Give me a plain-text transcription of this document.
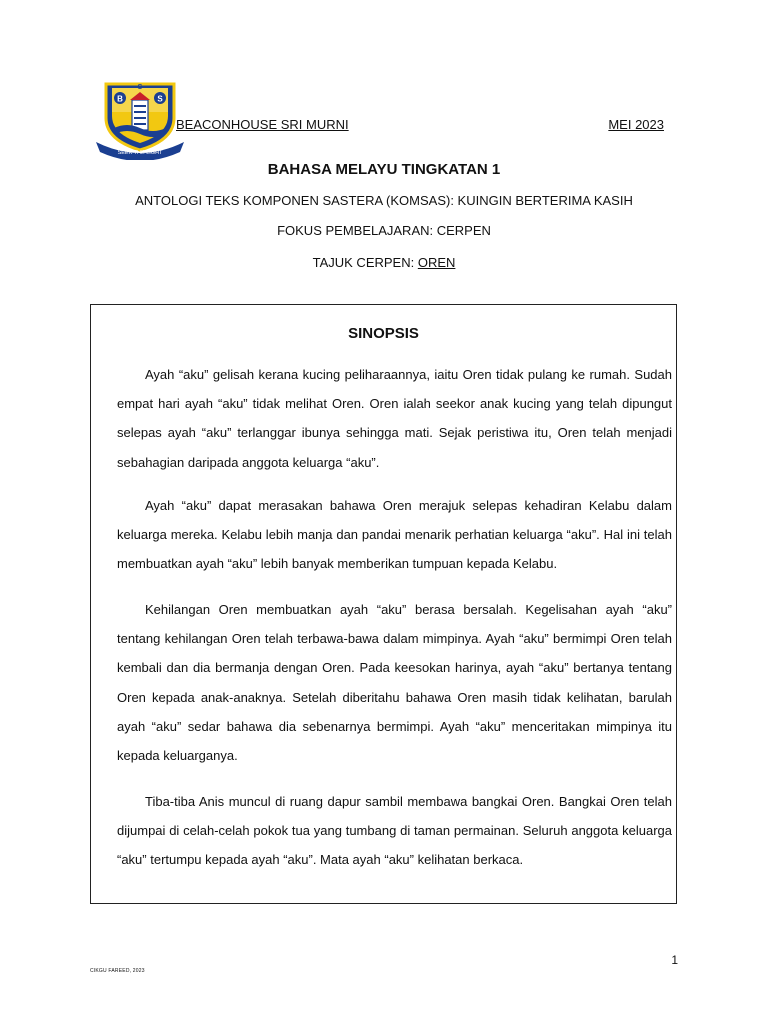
B
S
S
SEEK THE LIGHT
BEACONHOUSE SRI MURNI	MEI 2023
BAHASA MELAYU TINGKATAN 1
ANTOLOGI TEKS KOMPONEN SASTERA (KOMSAS): KUINGIN BERTERIMA KASIH
FOKUS PEMBELAJARAN: CERPEN
TAJUK CERPEN: OREN
SINOPSIS

Ayah “aku” gelisah kerana kucing peliharaannya, iaitu Oren tidak pulang ke rumah. Sudah empat hari ayah “aku” tidak melihat Oren. Oren ialah seekor anak kucing yang telah dipungut selepas ayah “aku” terlanggar ibunya sehingga mati. Sejak peristiwa itu, Oren telah menjadi sebahagian daripada anggota keluarga “aku”.

Ayah “aku” dapat merasakan bahawa Oren merajuk selepas kehadiran Kelabu dalam keluarga mereka. Kelabu lebih manja dan pandai menarik perhatian keluarga “aku”. Hal ini telah membuatkan ayah “aku” lebih banyak memberikan tumpuan kepada Kelabu.

Kehilangan Oren membuatkan ayah “aku” berasa bersalah. Kegelisahan ayah “aku” tentang kehilangan Oren telah terbawa-bawa dalam mimpinya. Ayah “aku” bermimpi Oren telah kembali dan dia bermanja dengan Oren. Pada keesokan harinya, ayah “aku” bertanya tentang Oren kepada anak-anaknya. Setelah diberitahu bahawa Oren masih tidak kelihatan, barulah ayah “aku” sedar bahawa dia sebenarnya bermimpi. Ayah “aku” menceritakan mimpinya itu kepada keluarganya.

Tiba-tiba Anis muncul di ruang dapur sambil membawa bangkai Oren. Bangkai Oren telah dijumpai di celah-celah pokok tua yang tumbang di taman permainan. Seluruh anggota keluarga “aku” tertumpu kepada ayah “aku”. Mata ayah “aku” kelihatan berkaca.

1
CIKGU FAREED, 2023
